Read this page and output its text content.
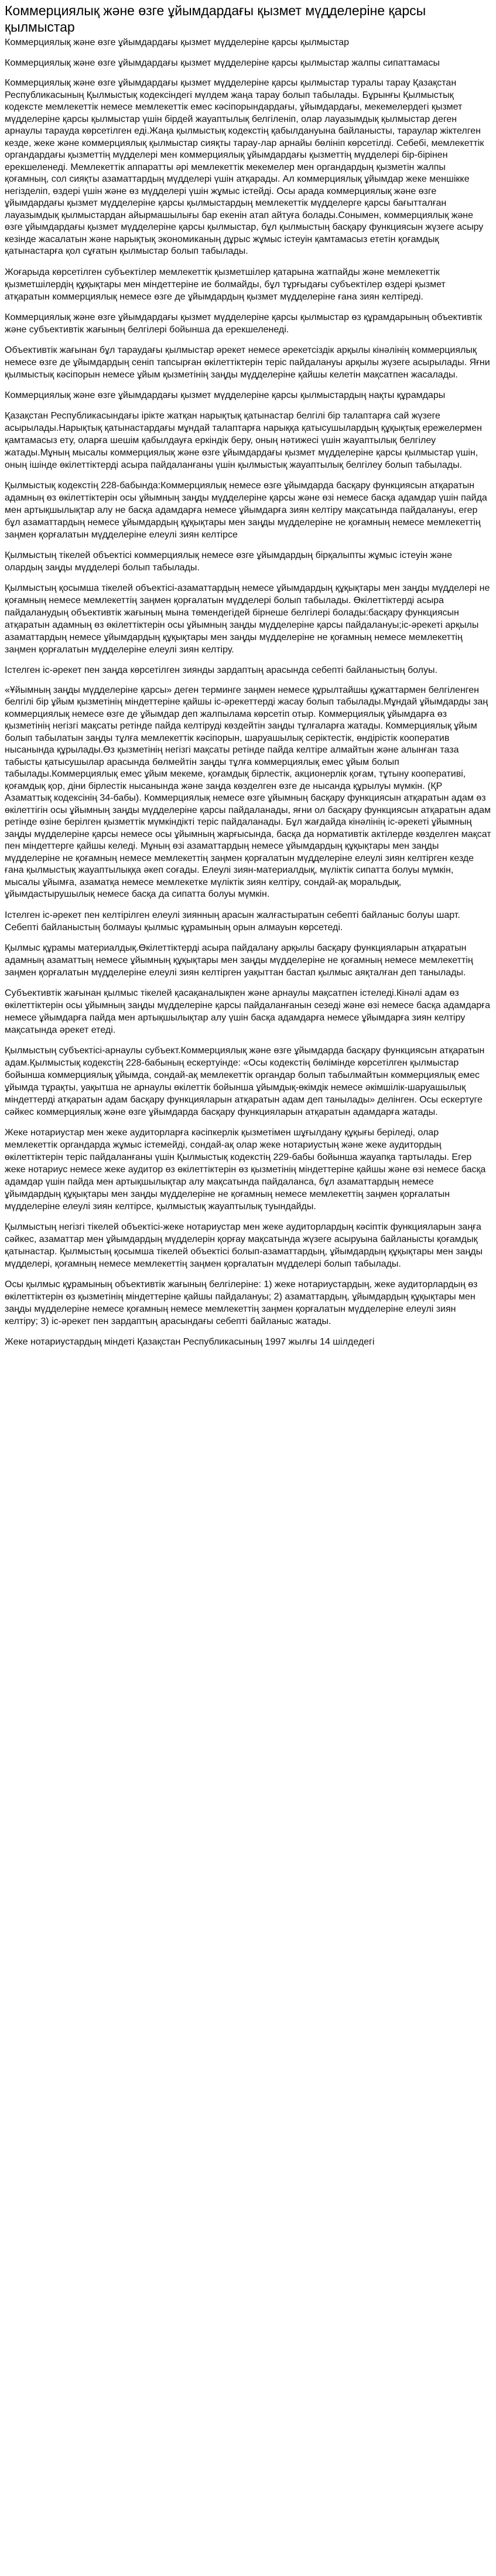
Коммерциялық және өзге ұйымдардағы қызмет мүдделеріне қарсы қылмыстар

Коммерциялық және өзге ұйымдардағы қызмет мүдделеріне қарсы қылмыстар

Коммерциялық және өзге ұйымдардағы қызмет мүдделеріне қарсы қылмыстар жалпы сипаттамасы

Коммерциялық және өзге ұйымдардағы қызмет мүдделеріне қарсы қылмыстар туралы тарау Қазақстан Республикасының Қылмыстық кодексіндегі мүлдем жаңа тарау болып табылады. Бұрынғы Қылмыстық кодексте мемлекеттік немесе мемлекеттік емес кәсіпорындардағы, ұйымдардағы, мекемелердегі қызмет мүдделеріне қарсы қылмыстар үшін бірдей жауаптылық белгіленіп, олар лауазымдық қылмыстар деген арнаулы тарауда көрсетілген еді.Жаңа қылмыстық кодекстің қабылдануына байланысты, тараулар жіктелген кезде, жеке және коммерциялық қылмыстар сияқты тарау-лар арнайы бөлініп көрсетілді. Себебі, мемлекеттік органдардағы қызметтің мүдделері мен коммерциялық ұйымдардағы қызметтің мүдделері бір-бірінен ерекшеленеді. Мемлекеттік аппаратты әрі мемлекеттік мекемелер мен органдардың қызметін жалпы қоғамның, сол сияқты азаматтардың мүдделері үшін атқарады. Ал коммерциялық ұйымдар жеке меншікке негізделіп, өздері үшін және өз мүдделері үшін жұмыс істейді. Осы арада коммерциялық және өзге ұйымдардағы қызмет мүдделеріне қарсы қылмыстардың мемлекеттік мүдделерге қарсы бағытталған лауазымдық қылмыстардан айырмашылығы бар екенін атап айтуға болады.Сонымен, коммерциялық және өзге ұйымдардағы қызмет мүдделеріне қарсы қылмыстар, бұл қылмыстың басқару функциясын жүзеге асыру кезінде жасалатын және нарықтық экономиканың дұрыс жұмыс істеуін қамтамасыз ететін қоғамдық қатынастарға қол сұғатын қылмыстар болып табылады.

Жоғарыда көрсетілген субъектілер мемлекеттік қызметшілер қатарына жатпайды және мемлекеттік қызметшілердің құқықтары мен міндеттеріне ие болмайды, бұл тұрғыдағы субъектілер өздері қызмет атқаратын коммерциялық немесе өзге де ұйымдардың қызмет мүдделеріне ғана зиян келтіреді.

Коммерциялық және өзге ұйымдардағы қызмет мүдделеріне қарсы қылмыстар өз құрамдарының объективтік және субъективтік жағының белгілері бойынша да ерекшеленеді.

Объективтік жағынан бұл тараудағы қылмыстар әрекет немесе әрекетсіздік арқылы кінәлінің коммерциялық немесе өзге де ұйымдардың сеніп тапсырған өкілеттіктерін теріс пайдалануы арқылы жүзеге асырылады. Яғни қылмыстық кәсіпорын немесе ұйым қызметінің заңды мүдделеріне қайшы келетін мақсатпен жасалады.

Коммерциялық және өзге ұйымдардағы қызмет мүдделеріне қарсы қылмыстардың нақты құрамдары

Қазақстан Республикасындағы ірікте жатқан нарықтық қатынастар белгілі бір талаптарға сай жүзеге асырылады.Нарықтық қатынастардағы мұндай талаптарға нарыққа қатысушылардың құқықтық ережелермен қамтамасыз ету, оларға шешім қабылдауға еркіндік беру, оның нәтижесі үшін жауаптылық белгілеу жатады.Мұның мысалы коммерциялық және өзге ұйымдардағы қызмет мүдделеріне қарсы қылмыстар үшін, оның ішінде өкілеттіктерді асыра пайдаланғаны үшін қылмыстық жауаптылық белгілеу болып табылады.

Қылмыстық кодекстің 228-бабында:Коммерциялық немесе өзге ұйымдарда басқару функциясын атқаратын адамның өз өкілеттіктерін осы ұйымның заңды мүдделеріне қарсы және өзі немесе басқа адамдар үшін пайда мен артықшылықтар алу не басқа адамдарға немесе ұйымдарға зиян келтіру мақсатында пайдалануы, егер бұл азаматтардың немесе ұйымдардың құқықтары мен заңды мүдделеріне не қоғамның немесе мемлекеттің заңмен қорғалатын мүдделеріне елеулі зиян келтірсе

Қылмыстың тікелей объектісі коммерциялық немесе өзге ұйымдардың бірқалыпты жұмыс істеуін және олардың заңды мүдделері болып табылады.

Қылмыстың қосымша тікелей объектісі-азаматтардың немесе ұйымдардың құқықтары мен заңды мүдделері не қоғамның немесе мемлекеттің заңмен қорғалатын мүдделері болып табылады. Өкілеттіктерді асыра пайдаланудың объективтік жағының мына төмендегідей бірнеше белгілері болады:басқару функциясын атқаратын адамның өз өкілеттіктерін осы ұйымның заңды мүдделеріне қарсы пайдалануы;іс-әрекеті арқылы азаматтардың немесе ұйымдардың құқықтары мен заңды мүдделеріне не қоғамның немесе мемлекеттің заңмен қорғалатын мүдделеріне елеулі зиян келтіру.

Істелген іс-әрекет пен заңда көрсетілген зиянды зардаптың арасында себепті байланыстың болуы.

«Ұйымның заңды мүдделеріне қарсы» деген терминге заңмен немесе құрылтайшы құжаттармен белгіленген белгілі бір ұйым қызметінің міндеттеріне қайшы іс-әрекеттерді жасау болып табылады.Мұндай ұйымдарды заң коммерциялық немесе өзге де ұйымдар деп жалпылама көрсетіп отыр. Коммерциялық ұйымдарға өз қызметінің негізгі мақсаты ретінде пайда келтіруді көздейтін заңды тұлғаларға жатады. Коммерциялық ұйым болып табылатын заңды тұлға мемлекеттік кәсіпорын, шаруашылық серіктестік, өндірістік кооператив нысанында құрылады.Өз қызметінің негізгі мақсаты ретінде пайда келтіре алмайтын және алынған таза табысты қатысушылар арасында бөлмейтін заңды тұлға коммерциялық емес ұйым болып табылады.Коммерциялық емес ұйым мекеме, қоғамдық бірлестік, акционерлік қоғам, тұтыну кооперативі, қоғамдық қор, діни бірлестік нысанында және заңда көзделген өзге де нысанда құрылуы мүмкін. (ҚР Азаматтық кодексінің 34-бабы). Коммерциялық немесе өзге ұйымның басқару функциясын атқаратын адам өз өкілеттігін осы ұйымның заңды мүдделеріне қарсы пайдаланады, яғни ол басқару функциясын атқаратын адам ретінде өзіне берілген қызметтік мүмкіндікті теріс пайдаланады. Бұл жағдайда кінәлінің іс-әрекеті ұйымның заңды мүдделеріне қарсы немесе осы ұйымның жарғысында, басқа да нормативтік актілерде көзделген мақсат пен міндеттерге қайшы келеді. Мұның өзі азаматтардың немесе ұйымдардың құқықтары мен заңды мүдделеріне не қоғамның немесе мемлекеттің заңмен қорғалатын мүдделеріне елеулі зиян келтірген кезде ғана қылмыстық жауаптылыққа әкеп соғады. Елеулі зиян-материалдық, мүліктік сипатта болуы мүмкін, мысалы ұйымға, азаматқа немесе мемлекетке мүліктік зиян келтіру, сондай-ақ моральдық, ұйымдастырушылық немесе басқа да сипатта болуы мүмкін.

Істелген іс-әрекет пен келтірілген елеулі зиянның арасын жалғастыратын себепті байланыс болуы шарт. Себепті байланыстың болмауы қылмыс құрамының орын алмауын көрсетеді.

Қылмыс құрамы материалдық.Өкілеттіктерді асыра пайдалану арқылы басқару функцияларын атқаратын адамның азаматтың немесе ұйымның құқықтары мен заңды мүдделеріне не қоғамның немесе мемлекеттің заңмен қорғалатын мүдделеріне елеулі зиян келтірген уақыттан бастап қылмыс аяқталған деп танылады.

Субъективтік жағынан қылмыс тікелей қасақаналықпен және арнаулы мақсатпен істеледі.Кінәлі адам өз өкілеттіктерін осы ұйымның заңды мүдделеріне қарсы пайдаланғанын сезеді және өзі немесе басқа адамдарға немесе ұйымдарға пайда мен артықшылықтар алу үшін басқа адамдарға немесе ұйымдарға зиян келтіру мақсатында әрекет етеді.

Қылмыстың субъектісі-арнаулы субъект.Коммерциялық және өзге ұйымдарда басқару функциясын атқаратын адам.Қылмыстық кодекстің 228-бабының ескертуінде: «Осы кодекстің бөлімінде көрсетілген қылмыстар бойынша коммерциялық ұйымда, сондай-ақ мемлекеттік органдар болып табылмайтын коммерциялық емес ұйымда тұрақты, уақытша не арнаулы өкілеттік бойынша ұйымдық-өкімдік немесе әкімшілік-шаруашылық міндеттерді атқаратын адам басқару функцияларын атқаратын адам деп танылады» делінген. Осы ескертуге сәйкес коммерциялық және өзге ұйымдарда басқару функцияларын атқаратын адамдарға жатады.

Жеке нотариустар мен жеке аудиторларға кәсіпкерлік қызметімен шұғылдану құқығы беріледі, олар мемлекеттік органдарда жұмыс істемейді, сондай-ақ олар жеке нотариустың және жеке аудитордың өкілеттіктерін теріс пайдаланғаны үшін Қылмыстық кодекстің 229-бабы бойынша жауапқа тартылады. Егер жеке нотариус немесе жеке аудитор өз өкілеттіктерін өз қызметінің міндеттеріне қайшы және өзі немесе басқа адамдар үшін пайда мен артықшылықтар алу мақсатында пайдаланса, бұл азаматтардың немесе ұйымдардың құқықтары мен заңды мүдделеріне не қоғамның немесе мемлекеттің заңмен қорғалатын мүдделеріне елеулі зиян келтірсе, қылмыстық жауаптылық туындайды.

Қылмыстың негізгі тікелей объектісі-жеке нотариустар мен жеке аудиторлардың кәсіптік функцияларын заңға сәйкес, азаматтар мен ұйымдардың мүдделерін қорғау мақсатында жүзеге асыруына байланысты қоғамдық қатынастар. Қылмыстың қосымша тікелей объектісі болып-азаматтардың, ұйымдардың құқықтары мен заңды мүдделері, қоғамның немесе мемлекеттің заңмен қорғалатын мүдделері болып табылады.

Осы қылмыс құрамының объективтік жағының белгілеріне: 1) жеке нотариустардың, жеке аудиторлардың өз өкілеттіктерін өз қызметінің міндеттеріне қайшы пайдалануы; 2) азаматтардың, ұйымдардың құқықтары мен заңды мүдделеріне немесе қоғамның немесе мемлекеттің заңмен қорғалатын мүдделеріне елеулі зиян келтіру; 3) іс-әрекет пен зардаптың арасындағы себепті байланыс жатады.

Жеке нотариустардың міндеті Қазақстан Республикасының 1997 жылғы 14 шілдедегі
